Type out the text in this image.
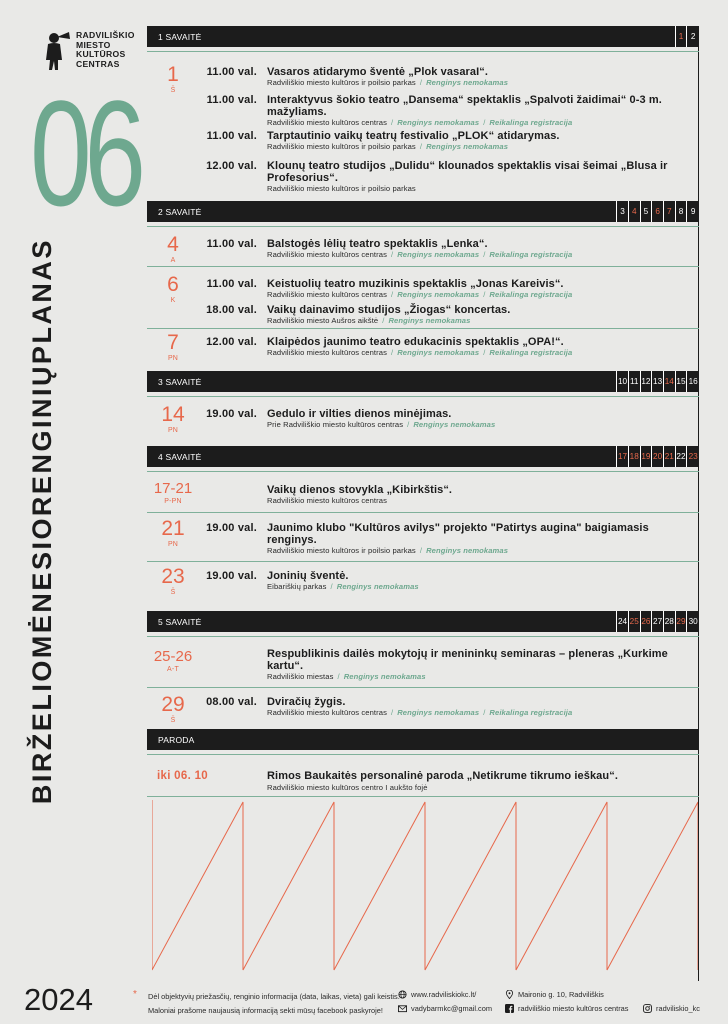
RADVILIŠKIO
MIESTO
KULTŪROS
CENTRAS
06
BIRŽELIO
MĖNESIO
RENGINIŲ
PLANAS
2024
1 SAVAITĖ	1 2
2 SAVAITĖ	3 4 5 6 7 8 9
3 SAVAITĖ	10 11 12 13 14 15 16
4 SAVAITĖ	17 18 19 20 21 22 23
5 SAVAITĖ	24 25 26 27 28 29 30
PARODA
1
Š
11.00 val. Vasaros atidarymo šventė „Plok vasaraI“.
Radviliškio miesto kultūros ir poilsio parkas / Renginys nemokamas
11.00 val. Interaktyvus šokio teatro „Dansema“ spektaklis „Spalvoti žaidimai“ 0-3 m. mažyliams.
Radviliškio miesto kultūros centras / Renginys nemokamas / Reikalinga registracija
11.00 val. Tarptautinio vaikų teatrų festivalio „PLOK“ atidarymas.
Radviliškio miesto kultūros ir poilsio parkas / Renginys nemokamas
12.00 val. Klounų teatro studijos „Dulidu“ klounados spektaklis visai šeimai „Blusa ir Profesorius“.
Radviliškio miesto kultūros ir poilsio parkas
4
A
11.00 val. Balstogės lėlių teatro spektaklis „Lenka“.
Radviliškio miesto kultūros centras / Renginys nemokamas / Reikalinga registracija
6
K
11.00 val. Keistuolių teatro muzikinis spektaklis „Jonas Kareivis“.
Radviliškio miesto kultūros centras / Renginys nemokamas / Reikalinga registracija
18.00 val. Vaikų dainavimo studijos „Žiogas“ koncertas.
Radviliškio miesto Aušros aikštė / Renginys nemokamas
7
PN
12.00 val. Klaipėdos jaunimo teatro edukacinis spektaklis „OPA!“.
Radviliškio miesto kultūros centras / Renginys nemokamas / Reikalinga registracija
14
PN
19.00 val. Gedulo ir vilties dienos minėjimas.
Prie Radviliškio miesto kultūros centras / Renginys nemokamas
17-21
P-PN
Vaikų dienos stovykla „Kibirkštis“.
Radviliškio miesto kultūros centras
21
PN
19.00 val. Jaunimo klubo "Kultūros avilys" projekto "Patirtys augina" baigiamasis renginys.
Radviliškio miesto kultūros ir poilsio parkas / Renginys nemokamas
23
Š
19.00 val. Joninių šventė.
Eibariškių parkas / Renginys nemokamas
25-26
A-T
Respublikinis dailės mokytojų ir menininkų seminaras – pleneras „Kurkime kartu“.
Radviliškio miestas / Renginys nemokamas
29
Š
08.00 val. Dviračių žygis.
Radviliškio miesto kultūros centras / Renginys nemokamas / Reikalinga registracija
iki 06. 10	Rimos Baukaitės personalinė paroda „Netikrume tikrumo ieškau“.
Radviliškio miesto kultūros centro I aukšto fojė
* Dėl objektyvių priežasčių, renginio informacija (data, laikas, vieta) gali keistis.
Maloniai prašome naujausią informaciją sekti mūsų facebook paskyroje!
www.radviliskiokc.lt/
vadybarmkc@gmail.com
Maironio g. 10, Radviliškis
radviliškio miesto kultūros centras	radviliskio_kc
